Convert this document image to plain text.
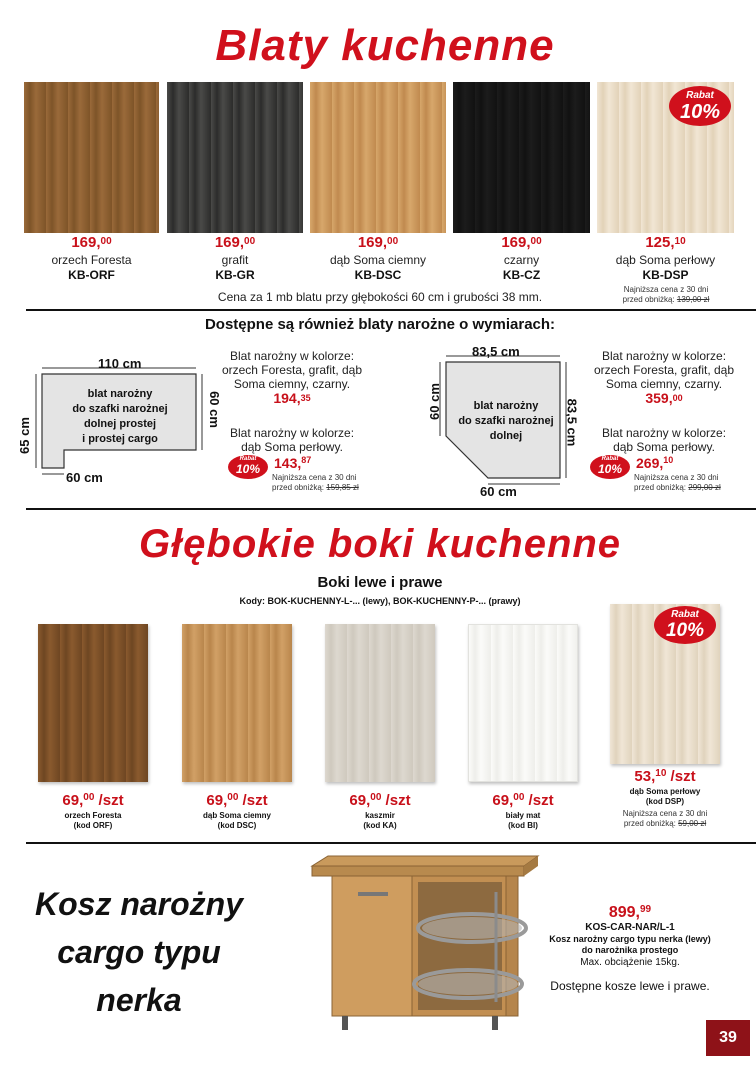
Blaty kuchenne
169,00
orzech Foresta
KB-ORF
169,00
grafit
KB-GR
169,00
dąb Soma ciemny
KB-DSC
169,00
czarny
KB-CZ
Rabat
10%
125,10
dąb Soma perłowy
KB-DSP
Cena za 1 mb blatu przy głębokości 60 cm i grubości 38 mm.
Najniższa cena z 30 dni
przed obniżką: 139,00 zł
Dostępne są również blaty narożne o wymiarach:
110 cm
65 cm
60 cm
60 cm
blat narożny
do szafki narożnej
dolnej prostej
i prostej cargo
Blat narożny w kolorze:
orzech Foresta, grafit, dąb
Soma ciemny, czarny.
194,35
Blat narożny w kolorze:
dąb Soma perłowy.
Rabat
10% 143,87
Najniższa cena z 30 dni
przed obniżką: 159,85 zł
83,5 cm
60 cm	83,5 cm
60 cm
blat narożny
do szafki narożnej
dolnej
Blat narożny w kolorze:
orzech Foresta, grafit, dąb
Soma ciemny, czarny.
359,00
Blat narożny w kolorze:
dąb Soma perłowy.
Rabat
10% 269,10
Najniższa cena z 30 dni
przed obniżką: 299,00 zł
Głębokie boki kuchenne
Boki lewe i prawe
Kody: BOK-KUCHENNY-L-... (lewy), BOK-KUCHENNY-P-... (prawy)
69,00 /szt
orzech Foresta
(kod ORF)
69,00 /szt
dąb Soma ciemny
(kod DSC)
69,00 /szt
kaszmir
(kod KA)
69,00 /szt
biały mat
(kod BI)
Rabat
10%
53,10 /szt
dąb Soma perłowy
(kod DSP)
Najniższa cena z 30 dni
przed obniżką: 59,00 zł
Kosz narożny
cargo typu
nerka
899,99
KOS-CAR-NAR/L-1
Kosz narożny cargo typu nerka (lewy)
do narożnika prostego
Max. obciążenie 15kg.
Dostępne kosze lewe i prawe.
39
